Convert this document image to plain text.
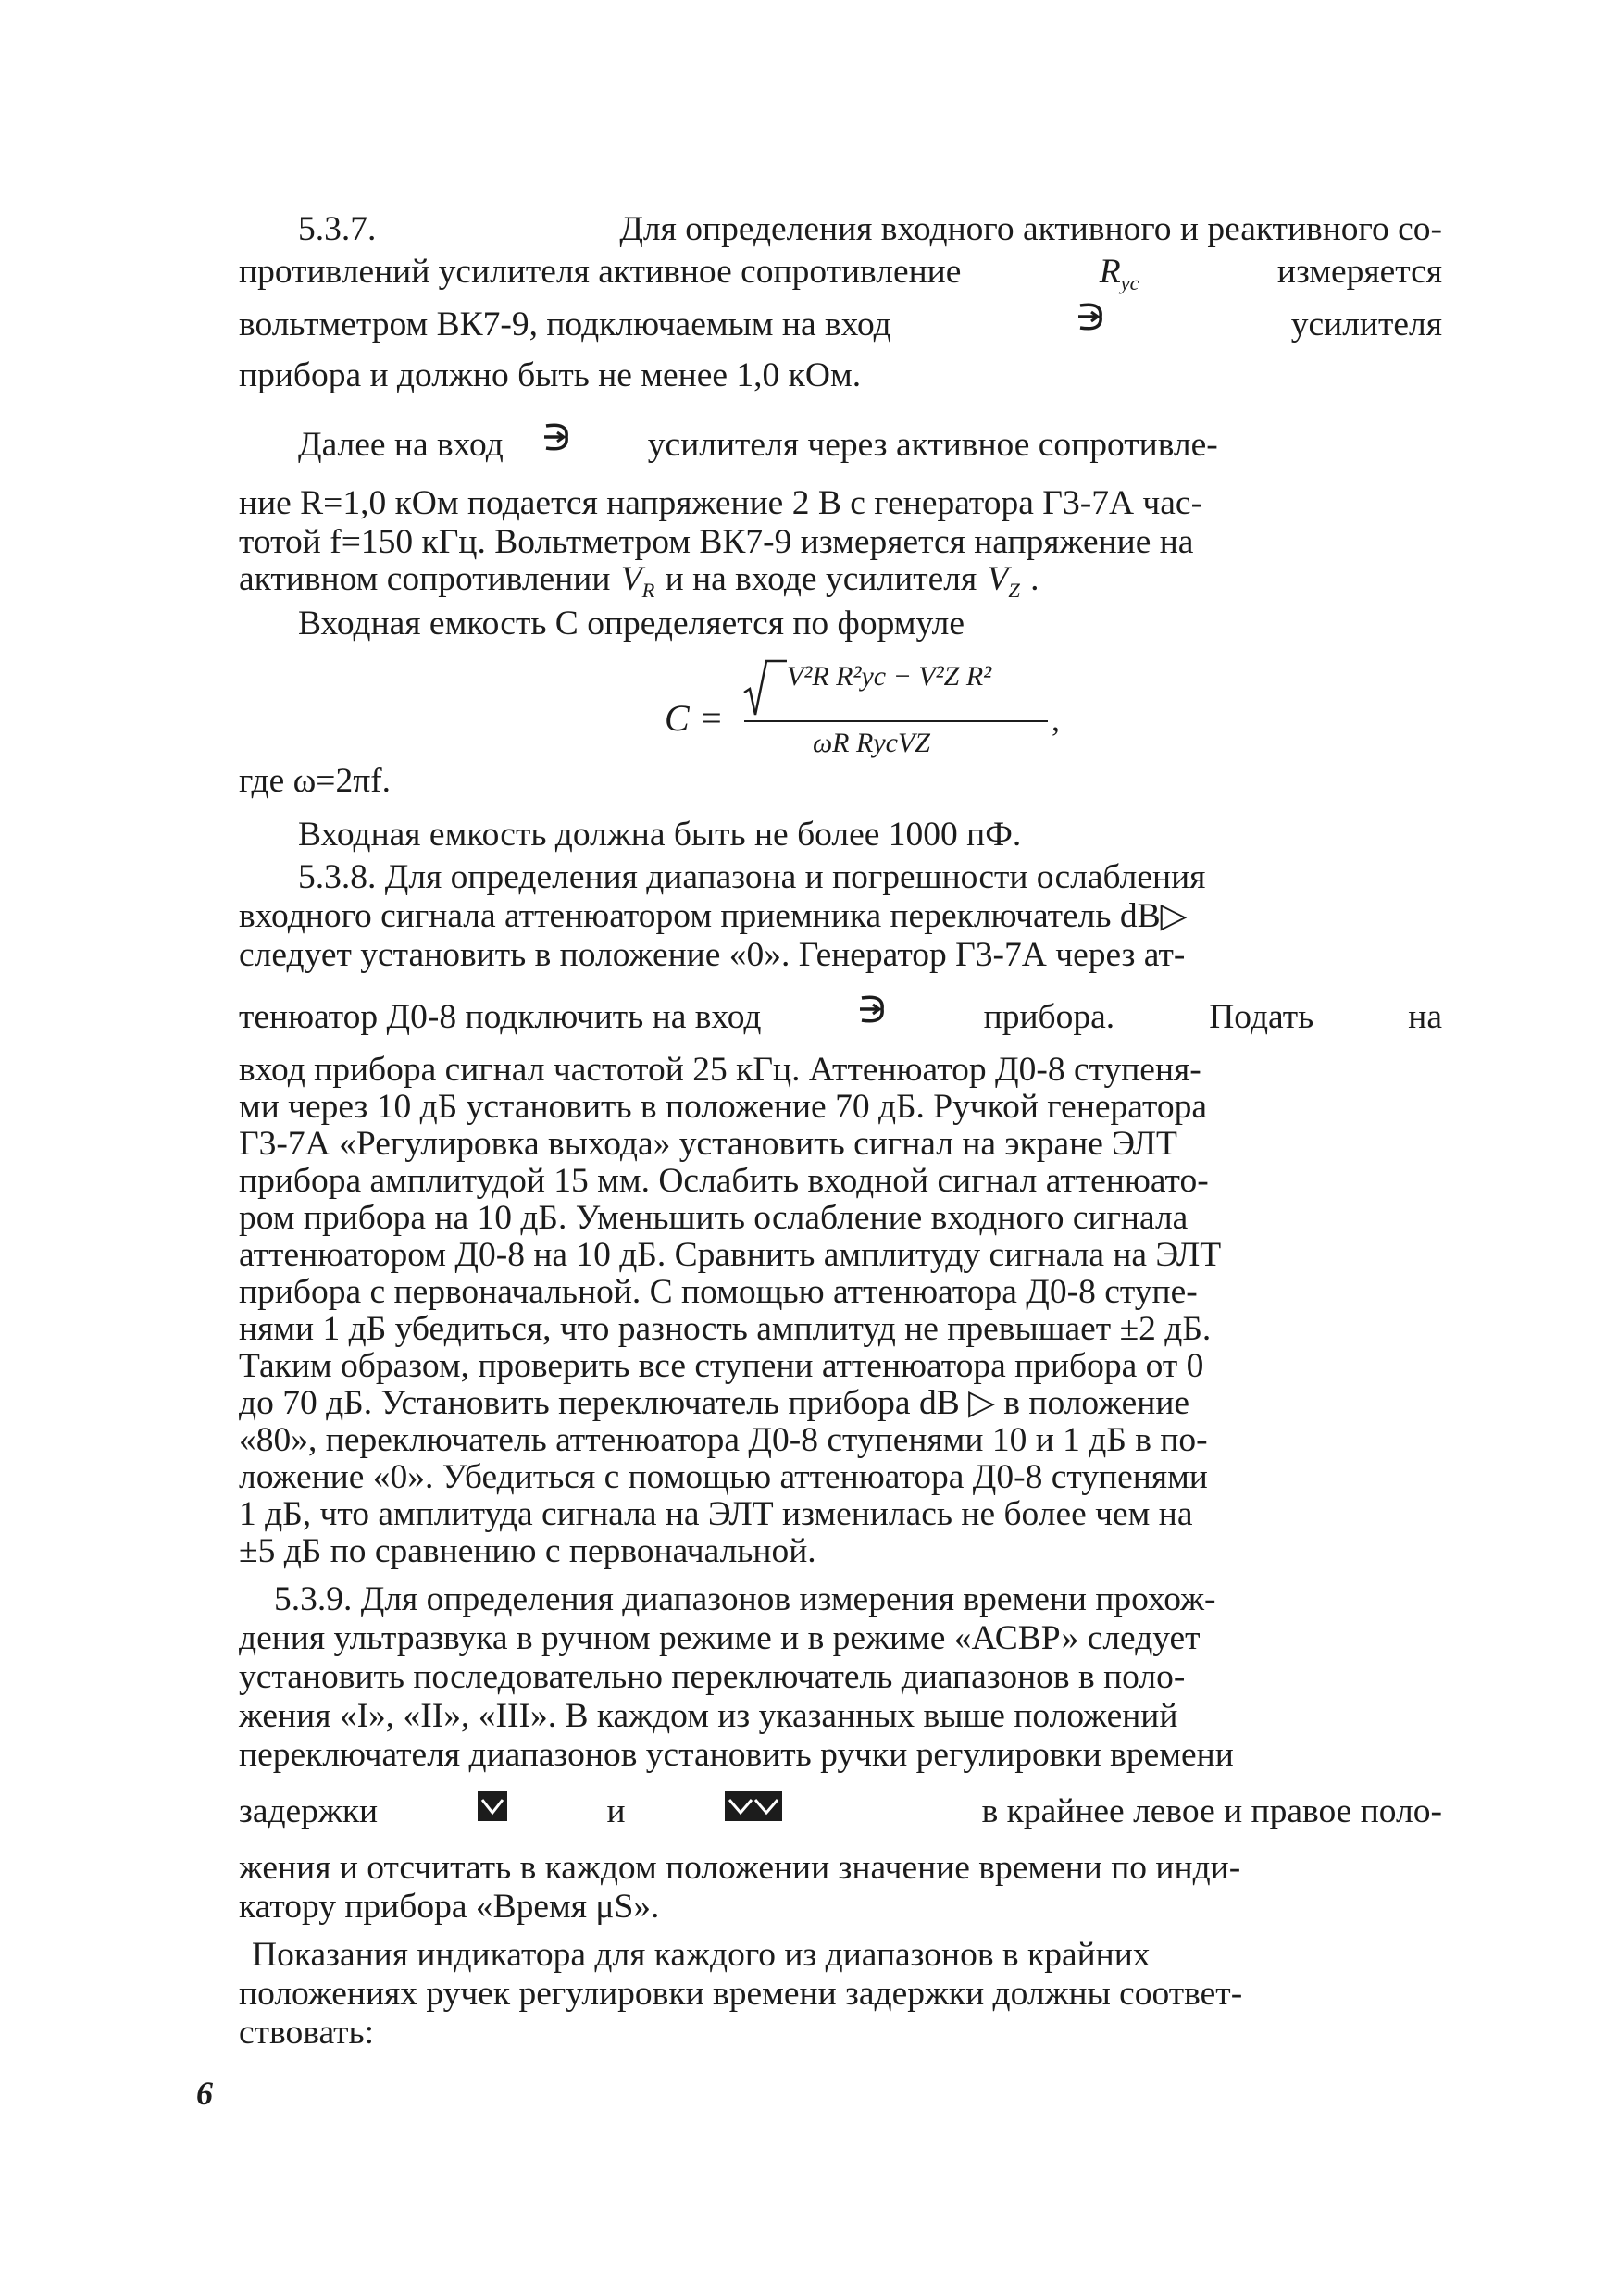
5.3.7.	Для определения входного активного и реактивного со-
противлений усилителя активное сопротивление	$R_{ус}$	измеряется
вольтметром ВК7-9, подключаемым на вход	усилителя
прибора и должно быть не менее 1,0 кОм.
Далее на вход	усилителя через активное сопротивле-
ние R=1,0 кОм подается напряжение 2 В с генератора Г3-7А час-
тотой f=150 кГц. Вольтметром ВК7-9 измеряется напряжение на
активном сопротивлении $V_R$ и на входе усилителя $V_Z$ .
Входная емкость C определяется по формуле
C =
V²R R²ус − V²Z R²
ωR RусVZ
,
где ω=2πf.
Входная емкость должна быть не более 1000 пФ.
5.3.8. Для определения диапазона и погрешности ослабления
входного сигнала аттенюатором приемника переключатель dB▷
следует установить в положение «0». Генератор Г3-7А через ат-
тенюатор Д0-8 подключить на вход	прибора.	Подать	на
вход прибора сигнал частотой 25 кГц. Аттенюатор Д0-8 ступеня-
ми через 10 дБ установить в положение 70 дБ. Ручкой генератора
Г3-7А «Регулировка выхода» установить сигнал на экране ЭЛТ
прибора амплитудой 15 мм. Ослабить входной сигнал аттенюато-
ром прибора на 10 дБ. Уменьшить ослабление входного сигнала
аттенюатором Д0-8 на 10 дБ. Сравнить амплитуду сигнала на ЭЛТ
прибора с первоначальной. С помощью аттенюатора Д0-8 ступе-
нями 1 дБ убедиться, что разность амплитуд не превышает ±2 дБ.
Таким образом, проверить все ступени аттенюатора прибора от 0
до 70 дБ. Установить переключатель прибора dB ▷ в положение
«80», переключатель аттенюатора Д0-8 ступенями 10 и 1 дБ в по-
ложение «0». Убедиться с помощью аттенюатора Д0-8 ступенями
1 дБ, что амплитуда сигнала на ЭЛТ изменилась не более чем на
±5 дБ по сравнению с первоначальной.
5.3.9. Для определения диапазонов измерения времени прохож-
дения ультразвука в ручном режиме и в режиме «АСВР» следует
установить последовательно переключатель диапазонов в поло-
жения «I», «II», «III». В каждом из указанных выше положений
переключателя диапазонов установить ручки регулировки времени
задержки	и	в крайнее левое и правое поло-
жения и отсчитать в каждом положении значение времени по инди-
катору прибора «Время μS».
Показания индикатора для каждого из диапазонов в крайних
положениях ручек регулировки времени задержки должны соответ-
ствовать:
6
